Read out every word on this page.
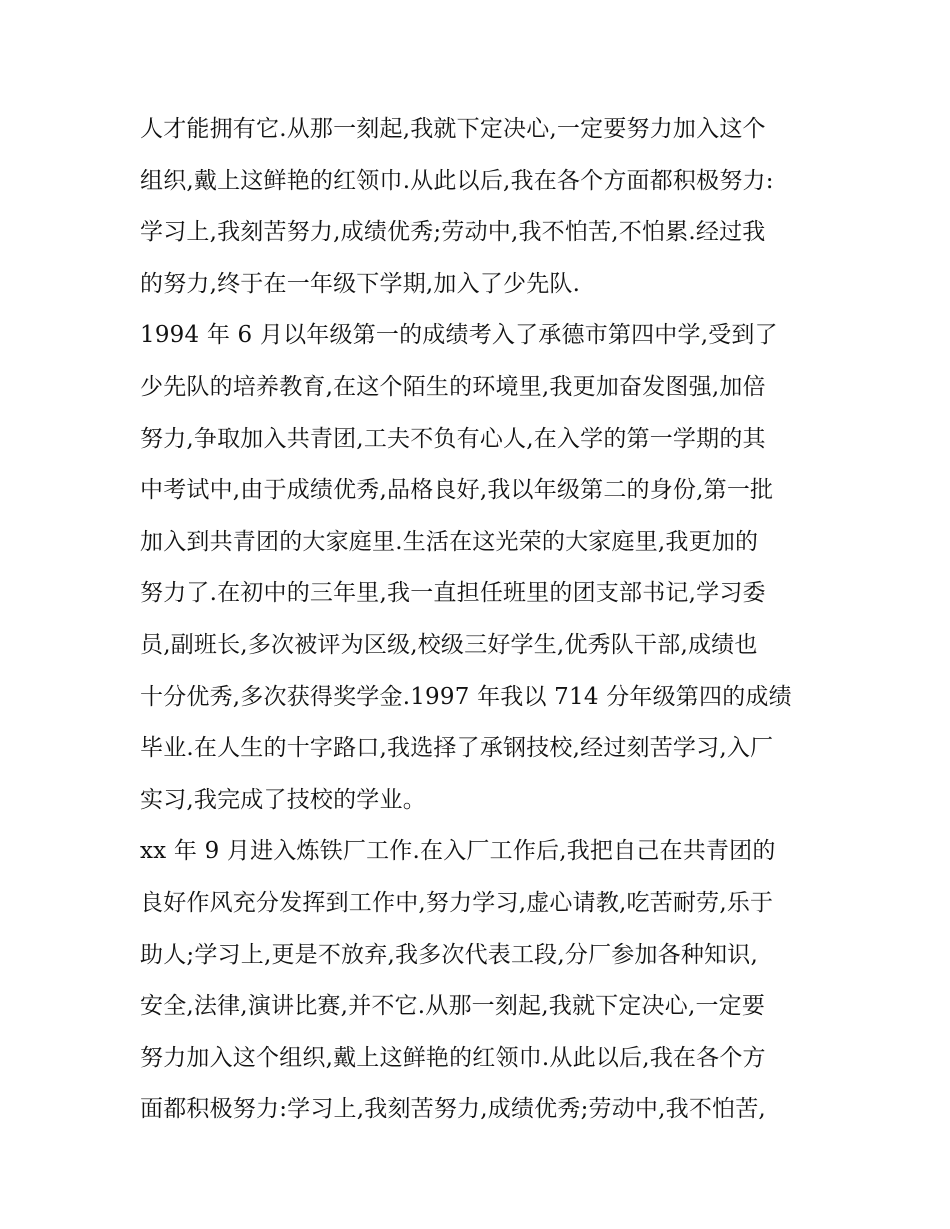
人才能拥有它.从那一刻起,我就下定决心,一定要努力加入这个
组织,戴上这鲜艳的红领巾.从此以后,我在各个方面都积极努力:
学习上,我刻苦努力,成绩优秀;劳动中,我不怕苦,不怕累.经过我
的努力,终于在一年级下学期,加入了少先队.
1994 年 6 月以年级第一的成绩考入了承德市第四中学,受到了
少先队的培养教育,在这个陌生的环境里,我更加奋发图强,加倍
努力,争取加入共青团,工夫不负有心人,在入学的第一学期的其
中考试中,由于成绩优秀,品格良好,我以年级第二的身份,第一批
加入到共青团的大家庭里.生活在这光荣的大家庭里,我更加的
努力了.在初中的三年里,我一直担任班里的团支部书记,学习委
员,副班长,多次被评为区级,校级三好学生,优秀队干部,成绩也
十分优秀,多次获得奖学金.1997 年我以 714 分年级第四的成绩
毕业.在人生的十字路口,我选择了承钢技校,经过刻苦学习,入厂
实习,我完成了技校的学业。
xx 年 9 月进入炼铁厂工作.在入厂工作后,我把自己在共青团的
良好作风充分发挥到工作中,努力学习,虚心请教,吃苦耐劳,乐于
助人;学习上,更是不放弃,我多次代表工段,分厂参加各种知识,
安全,法律,演讲比赛,并不它.从那一刻起,我就下定决心,一定要
努力加入这个组织,戴上这鲜艳的红领巾.从此以后,我在各个方
面都积极努力:学习上,我刻苦努力,成绩优秀;劳动中,我不怕苦,
